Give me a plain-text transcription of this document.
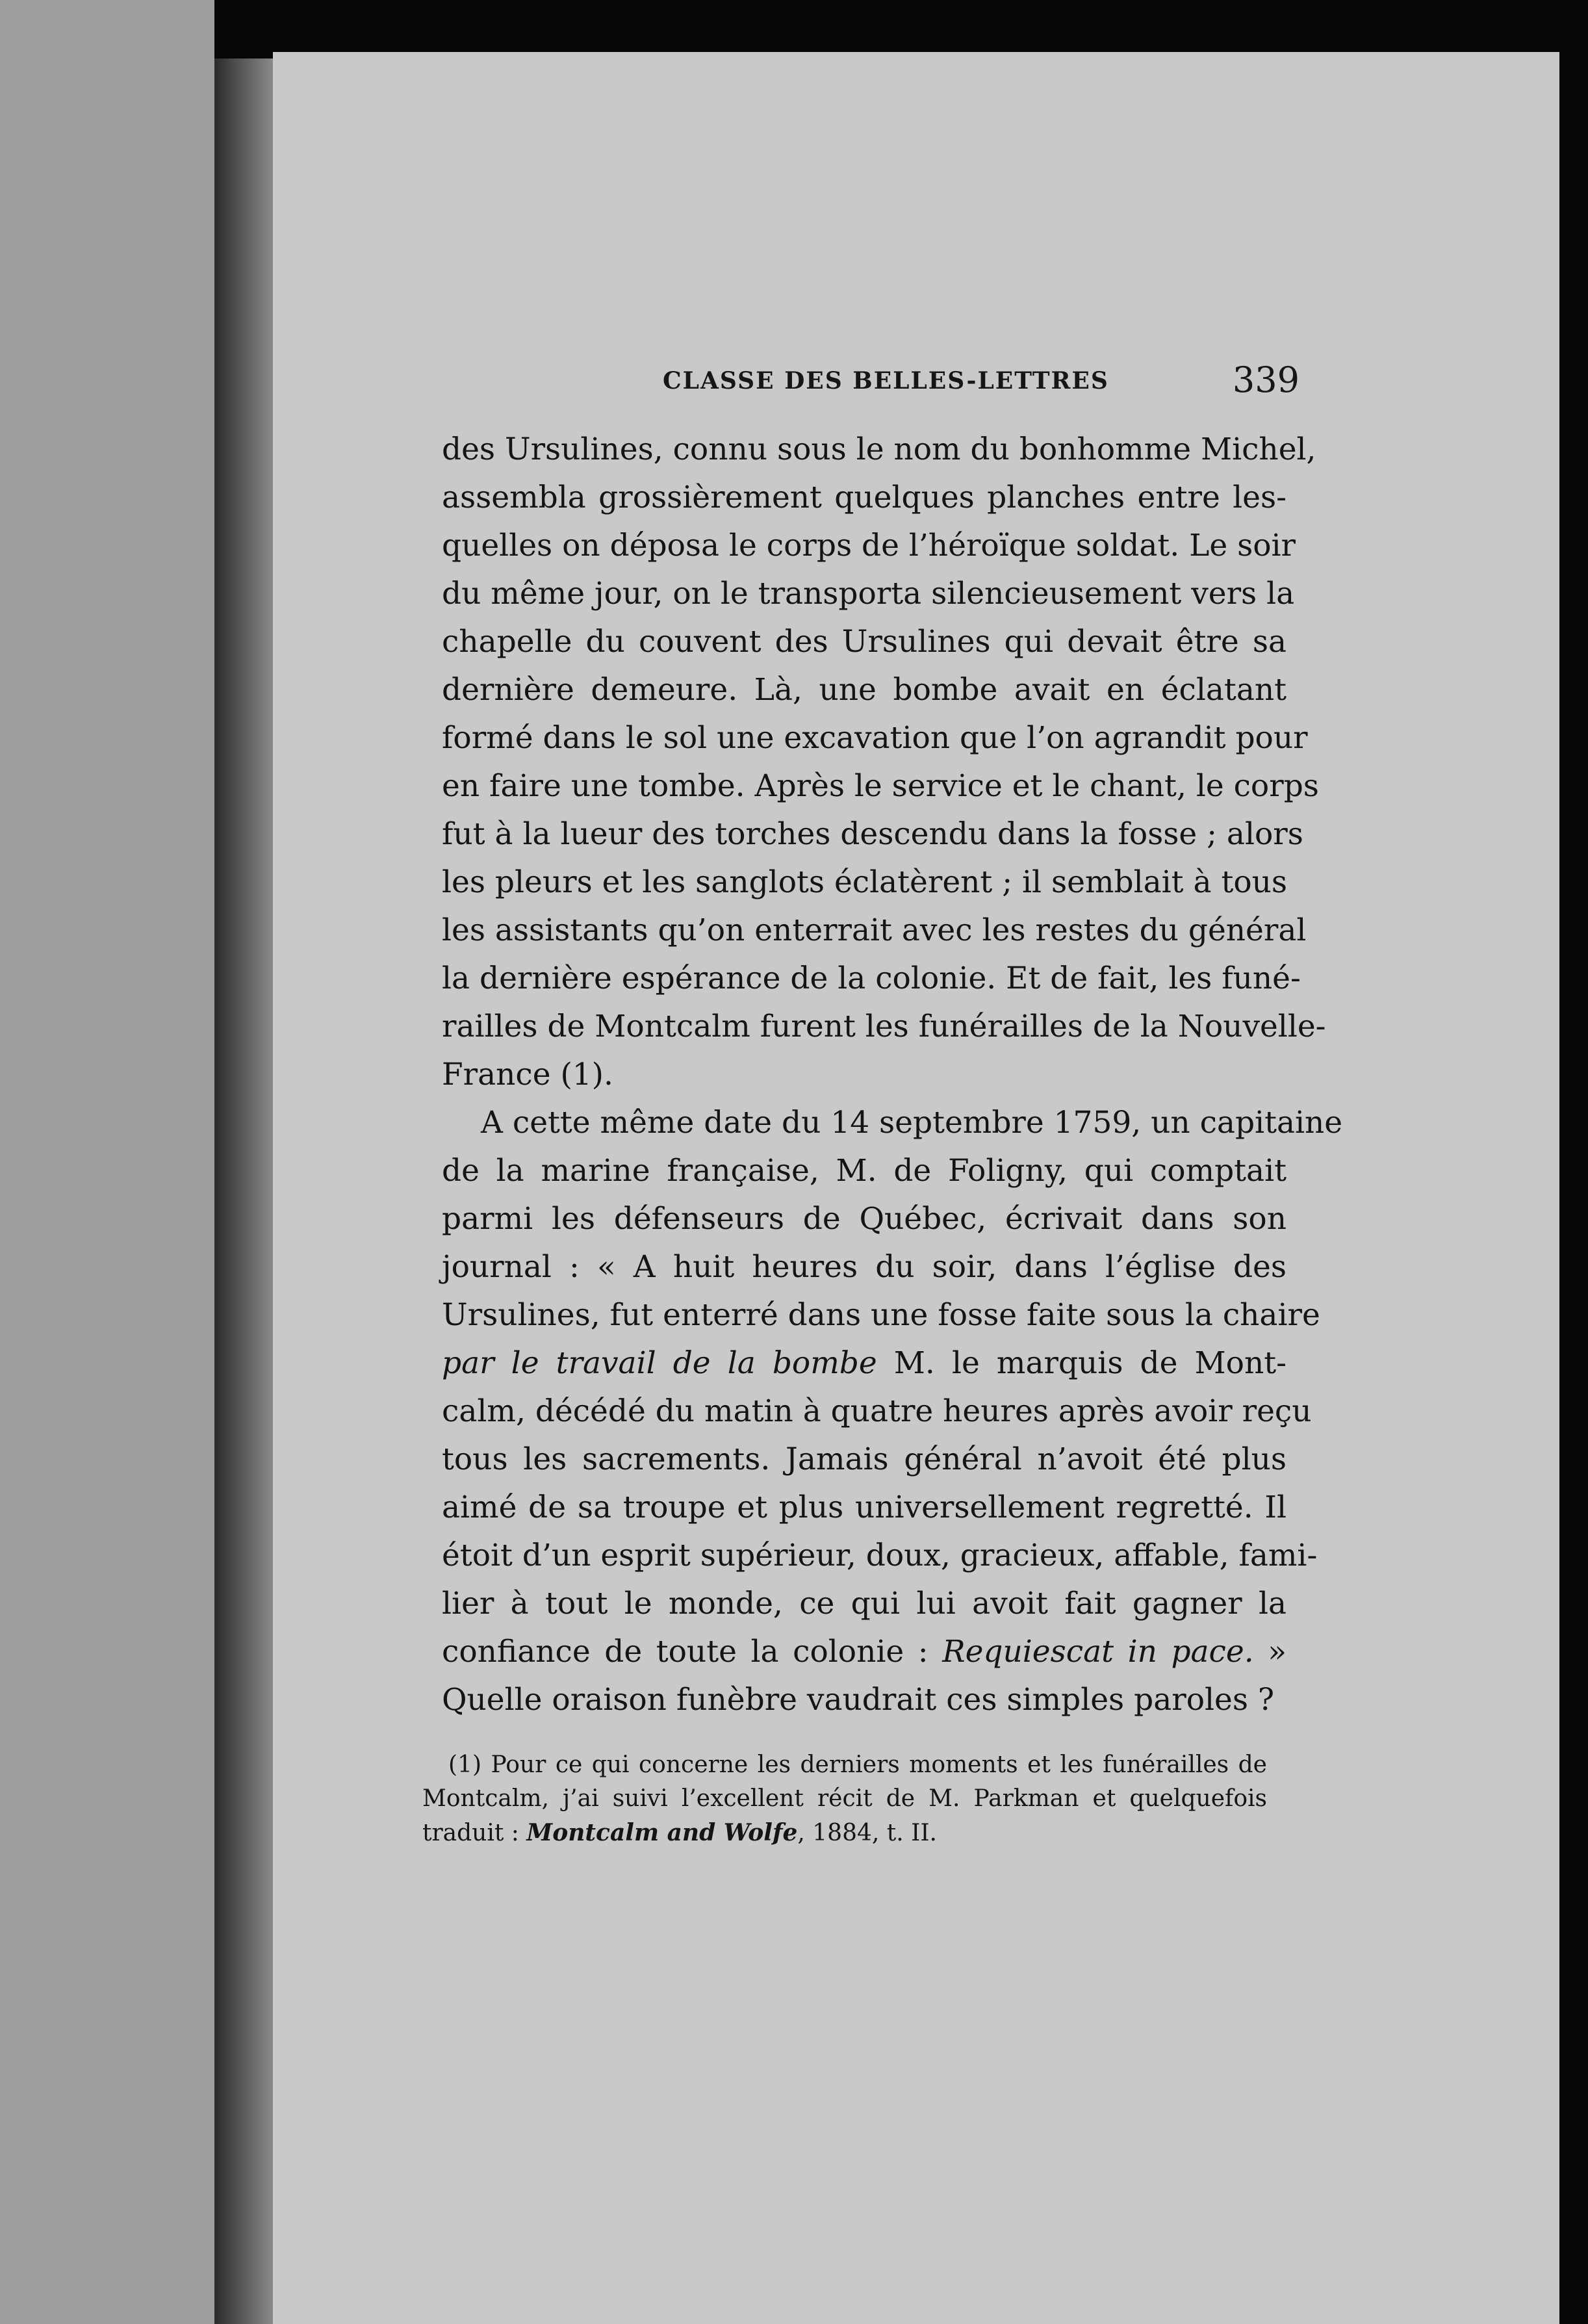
CLASSE DES BELLES-LETTRES	339
des Ursulines, connu sous le nom du bonhomme Michel,
assembla grossièrement quelques planches entre les-
quelles on déposa le corps de l’héroïque soldat. Le soir
du même jour, on le transporta silencieusement vers la
chapelle du couvent des Ursulines qui devait être sa
dernière demeure. Là, une bombe avait en éclatant
formé dans le sol une excavation que l’on agrandit pour
en faire une tombe. Après le service et le chant, le corps
fut à la lueur des torches descendu dans la fosse ; alors
les pleurs et les sanglots éclatèrent ; il semblait à tous
les assistants qu’on enterrait avec les restes du général
la dernière espérance de la colonie. Et de fait, les funé-
railles de Montcalm furent les funérailles de la Nouvelle-
France (1).
A cette même date du 14 septembre 1759, un capitaine
de la marine française, M. de Foligny, qui comptait
parmi les défenseurs de Québec, écrivait dans son
journal : « A huit heures du soir, dans l’église des
Ursulines, fut enterré dans une fosse faite sous la chaire
par le travail de la bombe M. le marquis de Mont-
calm, décédé du matin à quatre heures après avoir reçu
tous les sacrements. Jamais général n’avoit été plus
aimé de sa troupe et plus universellement regretté. Il
étoit d’un esprit supérieur, doux, gracieux, affable, fami-
lier à tout le monde, ce qui lui avoit fait gagner la
confiance de toute la colonie : Requiescat in pace. »
Quelle oraison funèbre vaudrait ces simples paroles ?
(1) Pour ce qui concerne les derniers moments et les funérailles de
Montcalm, j’ai suivi l’excellent récit de M. Parkman et quelquefois
traduit : Montcalm and Wolfe, 1884, t. II.
